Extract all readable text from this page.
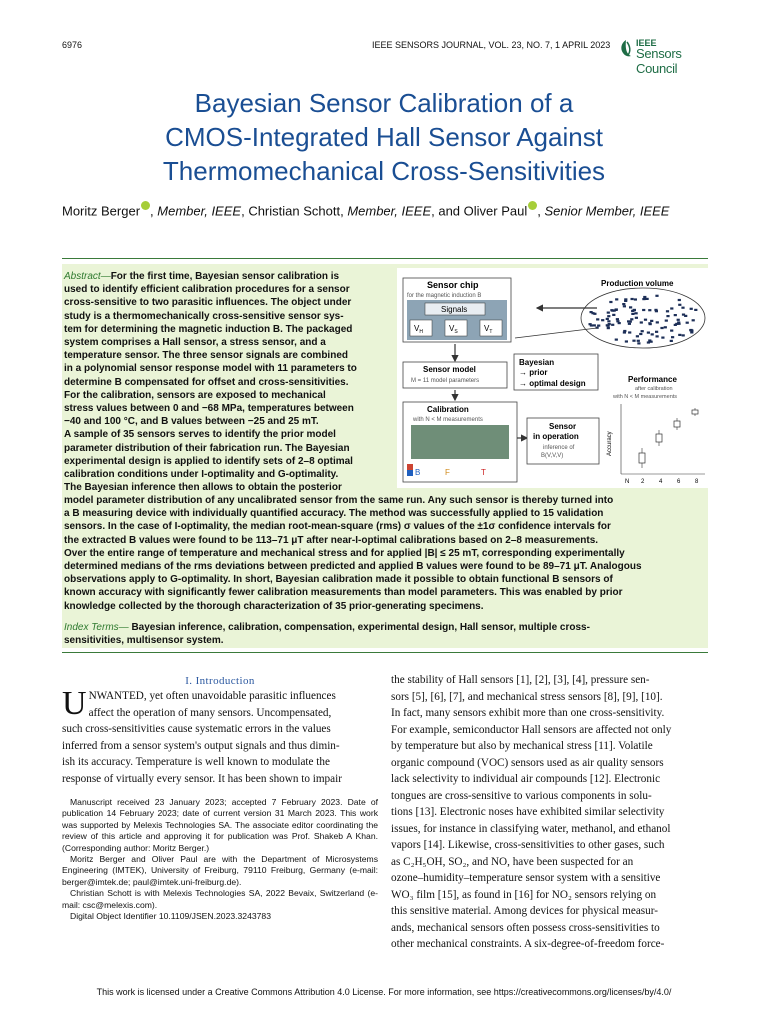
6976	IEEE SENSORS JOURNAL, VOL. 23, NO. 7, 1 APRIL 2023	IEEE
Sensors Council
Bayesian Sensor Calibration of a
CMOS-Integrated Hall Sensor Against
Thermomechanical Cross-Sensitivities
Moritz Berger , Member, IEEE, Christian Schott, Member, IEEE, and Oliver Paul , Senior Member, IEEE
Abstract—For the first time, Bayesian sensor calibration is
used to identify efficient calibration procedures for a sensor
cross-sensitive to two parasitic influences. The object under
study is a thermomechanically cross-sensitive sensor sys-
tem for determining the magnetic induction B. The packaged
system comprises a Hall sensor, a stress sensor, and a
temperature sensor. The three sensor signals are combined
in a polynomial sensor response model with 11 parameters to
determine B compensated for offset and cross-sensitivities.
For the calibration, sensors are exposed to mechanical
stress values between 0 and −68 MPa, temperatures between
−40 and 100 °C, and B values between −25 and 25 mT.
A sample of 35 sensors serves to identify the prior model
parameter distribution of their fabrication run. The Bayesian
experimental design is applied to identify sets of 2–8 optimal
calibration conditions under I-optimality and G-optimality.
The Bayesian inference then allows to obtain the posterior
model parameter distribution of any uncalibrated sensor from the same run. Any such sensor is thereby turned into
a B measuring device with individually quantified accuracy. The method was successfully applied to 15 validation
sensors. In the case of I-optimality, the median root-mean-square (rms) σ values of the ±1σ confidence intervals for
the extracted B values were found to be 113–71 μT after near-I-optimal calibrations based on 2–8 measurements.
Over the entire range of temperature and mechanical stress and for applied |B| ≤ 25 mT, corresponding experimentally
determined medians of the rms deviations between predicted and applied B values were found to be 89–71 μT. Analogous
observations apply to G-optimality. In short, Bayesian calibration made it possible to obtain functional B sensors of
known accuracy with significantly fewer calibration measurements than model parameters. This was enabled by prior
knowledge collected by the thorough characterization of 35 prior-generating specimens.
Index Terms— Bayesian inference, calibration, compensation, experimental design, Hall sensor, multiple cross-
sensitivities, multisensor system.
Sensor chip
for the magnetic induction B
Signals
$V_H$	$V_S$	$V_T$
Production volume
Sensor model
M = 11 model parameters
Bayesian
→ prior
→ optimal design
Calibration
with N < M measurements
B	F	T
Sensor
in operation
inference of
B(V,V,V)
Performance
after calibration
with N < M measurements
Accuracy
N 2 4 6 8
I. Introduction
U NWANTED, yet often unavoidable parasitic influences
affect the operation of many sensors. Uncompensated,
such cross-sensitivities cause systematic errors in the values
inferred from a sensor system's output signals and thus dimin-
ish its accuracy. Temperature is well known to modulate the
response of virtually every sensor. It has been shown to impair

Manuscript received 23 January 2023; accepted 7 February 2023. Date of publication 14 February 2023; date of current version 31 March 2023. This work was supported by Melexis Technologies SA. The associate editor coordinating the review of this article and approving it for publication was Prof. Shakeb A Khan. (Corresponding author: Moritz Berger.)

Moritz Berger and Oliver Paul are with the Department of Microsystems Engineering (IMTEK), University of Freiburg, 79110 Freiburg, Germany (e-mail: berger@imtek.de; paul@imtek.uni-freiburg.de).

Christian Schott is with Melexis Technologies SA, 2022 Bevaix, Switzerland (e-mail: csc@melexis.com).

Digital Object Identifier 10.1109/JSEN.2023.3243783

the stability of Hall sensors [1], [2], [3], [4], pressure sen-
sors [5], [6], [7], and mechanical stress sensors [8], [9], [10].
In fact, many sensors exhibit more than one cross-sensitivity.
For example, semiconductor Hall sensors are affected not only
by temperature but also by mechanical stress [11]. Volatile
organic compound (VOC) sensors used as air quality sensors
lack selectivity to individual air compounds [12]. Electronic
tongues are cross-sensitive to various components in solu-
tions [13]. Electronic noses have exhibited similar selectivity
issues, for instance in classifying water, methanol, and ethanol
vapors [14]. Likewise, cross-sensitivities to other gases, such
as C₂H₅OH, SO₂, and NO, have been suspected for an
ozone–humidity–temperature sensor system with a sensitive
WO₃ film [15], as found in [16] for NO₂ sensors relying on
this sensitive material. Among devices for physical measur-
ands, mechanical sensors often possess cross-sensitivities to
other mechanical constraints. A six-degree-of-freedom force-
This work is licensed under a Creative Commons Attribution 4.0 License. For more information, see https://creativecommons.org/licenses/by/4.0/
